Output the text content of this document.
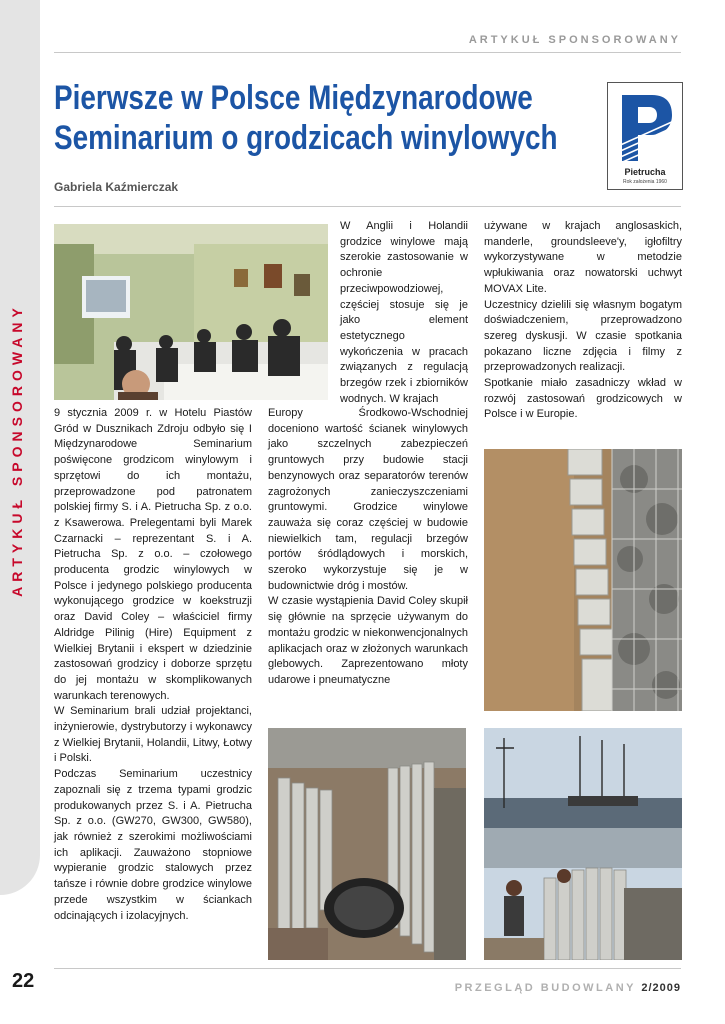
ARTYKUŁ SPONSOROWANY
ARTYKUŁ SPONSOROWANY
Pierwsze w Polsce Międzynarodowe
Seminarium o grodzicach winylowych
Pietrucha
Rok założenia 1960
Gabriela Kaźmierczak

9 stycznia 2009 r. w Hotelu Piastów Gród w Dusznikach Zdroju odbyło się I Międzynarodowe Seminarium poświęcone grodzicom winylowym i sprzętowi do ich montażu, przeprowadzone pod patronatem polskiej firmy S. i A. Pietrucha Sp. z o.o. z Ksawerowa. Prelegentami byli Marek Czarnacki – reprezentant S. i A. Pietrucha Sp. z o.o. – czołowego producenta grodzic winylowych w Polsce i jedynego polskiego producenta wykonującego grodzice w koekstruzji oraz David Coley – właściciel firmy Aldridge Pilinig (Hire) Equipment z Wielkiej Brytanii i ekspert w dziedzinie zastosowań grodzicy i doborze sprzętu do jej montażu w skomplikowanych warunkach terenowych.

W Seminarium brali udział projektanci, inżynierowie, dystrybutorzy i wykonawcy z Wielkiej Brytanii, Holandii, Litwy, Łotwy i Polski.

Podczas Seminarium uczestnicy zapoznali się z trzema typami grodzic produkowanych przez S. i A. Pietrucha Sp. z o.o. (GW270, GW300, GW580), jak również z szerokimi możliwościami ich aplikacji. Zauważono stopniowe wypieranie grodzic stalowych przez tańsze i równie dobre grodzice winylowe przede wszystkim w ściankach odcinających i izolacyjnych.

W Anglii i Holandii grodzice winylowe mają szerokie zastosowanie w ochronie przeciwpowodziowej, częściej stosuje się je jako element estetycznego wykończenia w pracach związanych z regulacją brzegów rzek i zbiorników wodnych. W krajach

Europy Środkowo-Wschodniej doceniono wartość ścianek winylowych jako szczelnych zabezpieczeń gruntowych przy budowie stacji benzynowych oraz separatorów terenów zagrożonych zanieczyszczeniami gruntowymi. Grodzice winylowe zauważa się coraz częściej w budowie niewielkich tam, regulacji brzegów portów śródlądowych i morskich, szeroko wykorzystuje się je w budownictwie dróg i mostów.

W czasie wystąpienia David Coley skupił się głównie na sprzęcie używanym do montażu grodzic w niekonwencjonalnych aplikacjach oraz w złożonych warunkach glebowych. Zaprezentowano młoty udarowe i pneumatyczne

używane w krajach anglosaskich, manderle, groundsleeve'y, igłofiltry wykorzystywane w metodzie wpłukiwania oraz nowatorski uchwyt MOVAX Lite.

Uczestnicy dzielili się własnym bogatym doświadczeniem, przeprowadzono szereg dyskusji. W czasie spotkania pokazano liczne zdjęcia i filmy z przeprowadzonych realizacji.

Spotkanie miało zasadniczy wkład w rozwój zastosowań grodzicowych w Polsce i w Europie.

22	PRZEGLĄD BUDOWLANY 2/2009
